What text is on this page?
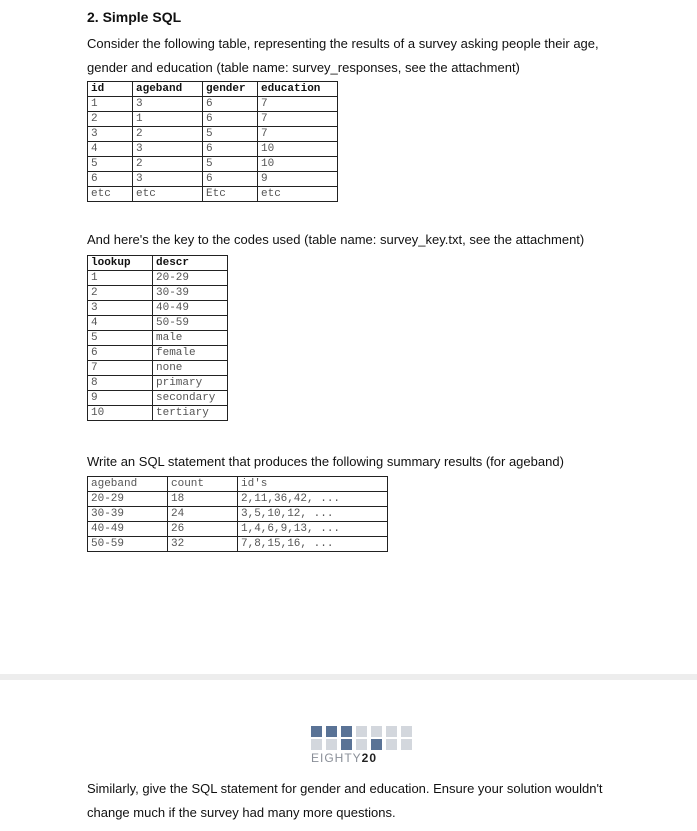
2. Simple SQL
Consider the following table, representing the results of a survey asking people their age,
gender and education (table name: survey_responses, see the attachment)
id	ageband	gender	education
1	3	6	7
2	1	6	7
3	2	5	7
4	3	6	10
5	2	5	10
6	3	6	9
etc	etc	Etc	etc
And here's the key to the codes used (table name: survey_key.txt, see the attachment)
lookup	descr
1	20-29
2	30-39
3	40-49
4	50-59
5	male
6	female
7	none
8	primary
9	secondary
10	tertiary
Write an SQL statement that produces the following summary results (for ageband)
ageband	count	id's
20-29	18	2,11,36,42, ...
30-39	24	3,5,10,12, ...
40-49	26	1,4,6,9,13, ...
50-59	32	7,8,15,16, ...
EIGHTY20
Similarly, give the SQL statement for gender and education. Ensure your solution wouldn't
change much if the survey had many more questions.
